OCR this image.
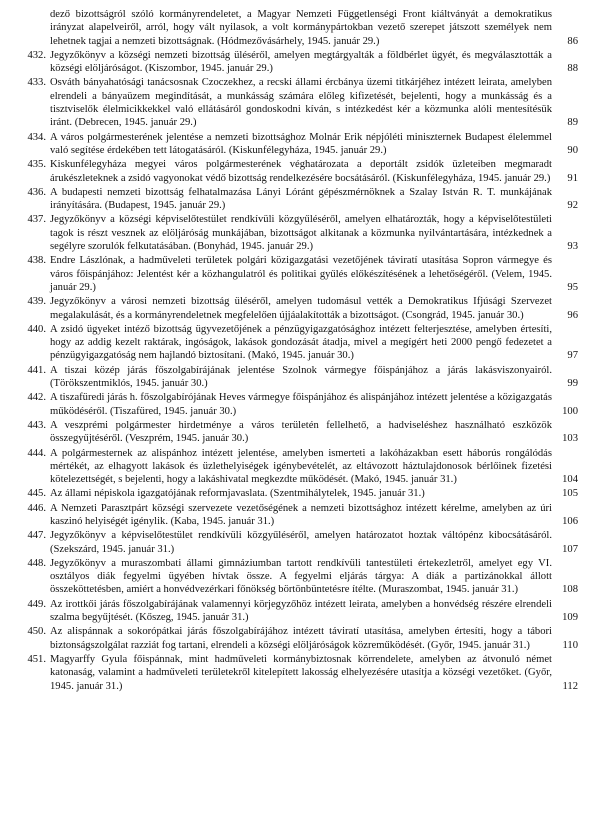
dező bizottságról szóló kormányrendeletet, a Magyar Nemzeti Függetlenségi Front kiáltványát a demokratikus irányzat alapelveiről, arról, hogy vált nyilasok, a volt kormánypártokban vezető szerepet játszott személyek nem lehetnek tagjai a nemzeti bizottságnak. (Hódmezővásárhely, 1945. január 29.)	86
432. Jegyzőkönyv a községi nemzeti bizottság üléséről, amelyen megtárgyalták a földbérlet ügyét, és megválasztották a községi elöljáróságot. (Kiszombor, 1945. január 29.)	88
433. Osváth bányahatósági tanácsosnak Czoczekhez, a recski állami ércbánya üzemi titkárjéhez intézett leirata, amelyben elrendeli a bányaüzem megindítását, a munkásság számára előleg kifizetését, bejelenti, hogy a munkásság és a tisztviselők élelmicikkekkel való ellátásáról gondoskodni kíván, s intézkedést kér a közmunka alóli mentesítésük iránt. (Debrecen, 1945. január 29.)	89
434. A város polgármesterének jelentése a nemzeti bizottsághoz Molnár Erik népjóléti miniszternek Budapest élelemmel való segítése érdekében tett látogatásáról. (Kiskunfélegyháza, 1945. január 29.)	90
435. Kiskunfélegyháza megyei város polgármesterének véghatározata a deportált zsidók üzleteiben megmaradt árukészleteknek a zsidó vagyonokat védő bizottság rendelkezésére bocsátásáról. (Kiskunfélegyháza, 1945. január 29.)	91
436. A budapesti nemzeti bizottság felhatalmazása Lányi Lóránt gépészmérnöknek a Szalay István R. T. munkájának irányítására. (Budapest, 1945. január 29.)	92
437. Jegyzőkönyv a községi képviselőtestület rendkívüli közgyűléséről, amelyen elhatározták, hogy a képviselőtestületi tagok is részt vesznek az elöljáróság munkájában, bizottságot alkitanak a közmunka nyilvántartására, intézkednek a segélyre szorulók felkutatásában. (Bonyhád, 1945. január 29.)	93
438. Endre Lászlónak, a hadműveleti területek polgári közigazgatási vezetőjének táviratí utasítása Sopron vármegye és város főispánjához: Jelentést kér a közhangulatról és politikai gyűlés előkészítésének a lehetőségéről. (Velem, 1945. január 29.)	95
439. Jegyzőkönyv a városi nemzeti bizottság üléséről, amelyen tudomásul vették a Demokratikus Ifjúsági Szervezet megalakulását, és a kormányrendeletnek megfelelően újjáalakították a bizottságot. (Csongrád, 1945. január 30.)	96
440. A zsidó ügyeket intéző bizottság ügyvezetőjének a pénzügyigazgatósághoz intézett felterjesztése, amelyben értesíti, hogy az addig kezelt raktárak, ingóságok, lakások gondozását átadja, mivel a megígért heti 2000 pengő fedezetet a pénzügyigazgatóság nem hajlandó biztosítani. (Makó, 1945. január 30.)	97
441. A tiszai közép járás főszolgabírájának jelentése Szolnok vármegye főispánjához a járás lakásviszonyairól. (Törökszentmiklós, 1945. január 30.)	99
442. A tiszafüredi járás h. főszolgabírójának Heves vármegye főispánjához és alispánjához intézett jelentése a közigazgatás működéséről. (Tiszafüred, 1945. január 30.)	100
443. A veszprémi polgármester hirdetménye a város területén fellelhető, a hadviseléshez használható eszközök összegyűjtéséről. (Veszprém, 1945. január 30.)	103
444. A polgármesternek az alispánhoz intézett jelentése, amelyben ismerteti a lakóházakban esett háborús rongálódás mértékét, az elhagyott lakások és üzlethelyiségek igénybevételét, az eltávozott háztulajdonosok bérlőinek fizetési kötelezettségét, s bejelenti, hogy a lakáshivatal megkezdte működését. (Makó, 1945. január 31.)	104
445. Az állami népiskola igazgatójának reformjavaslata. (Szentmihálytelek, 1945. január 31.)	105
446. A Nemzeti Parasztpárt községi szervezete vezetőségének a nemzeti bizottsághoz intézett kérelme, amelyben az úri kaszinó helyiségét igénylik. (Kaba, 1945. január 31.)	106
447. Jegyzőkönyv a képviselőtestület rendkívüli közgyűléséről, amelyen határozatot hoztak váltópénz kibocsátásáról. (Szekszárd, 1945. január 31.)	107
448. Jegyzőkönyv a muraszombati állami gimnáziumban tartott rendkívüli tantestületi értekezletről, amelyet egy VI. osztályos diák fegyelmi ügyében hívtak össze. A fegyelmi eljárás tárgya: A diák a partizánokkal állott összeköttetésben, amiért a honvédvezérkari főnökség börtönbüntetésre ítélte. (Muraszombat, 1945. január 31.)	108
449. Az irottkői járás főszolgabírájának valamennyi körjegyzőhöz intézett leirata, amelyben a honvédség részére elrendeli szalma begyűjtését. (Kőszeg, 1945. január 31.)	109
450. Az alispánnak a sokorópátkai járás főszolgabírájához intézett táviratí utasítása, amelyben értesíti, hogy a tábori biztonságszolgálat razziát fog tartani, elrendeli a községi elöljáróságok közreműködését. (Győr, 1945. január 31.)	110
451. Magyarffy Gyula főispánnak, mint hadműveleti kormánybiztosnak körrendelete, amelyben az átvonuló német katonaság, valamint a hadműveleti területekről kitelepített lakosság elhelyezésére utasítja a községi vezetőket. (Győr, 1945. január 31.)	112
